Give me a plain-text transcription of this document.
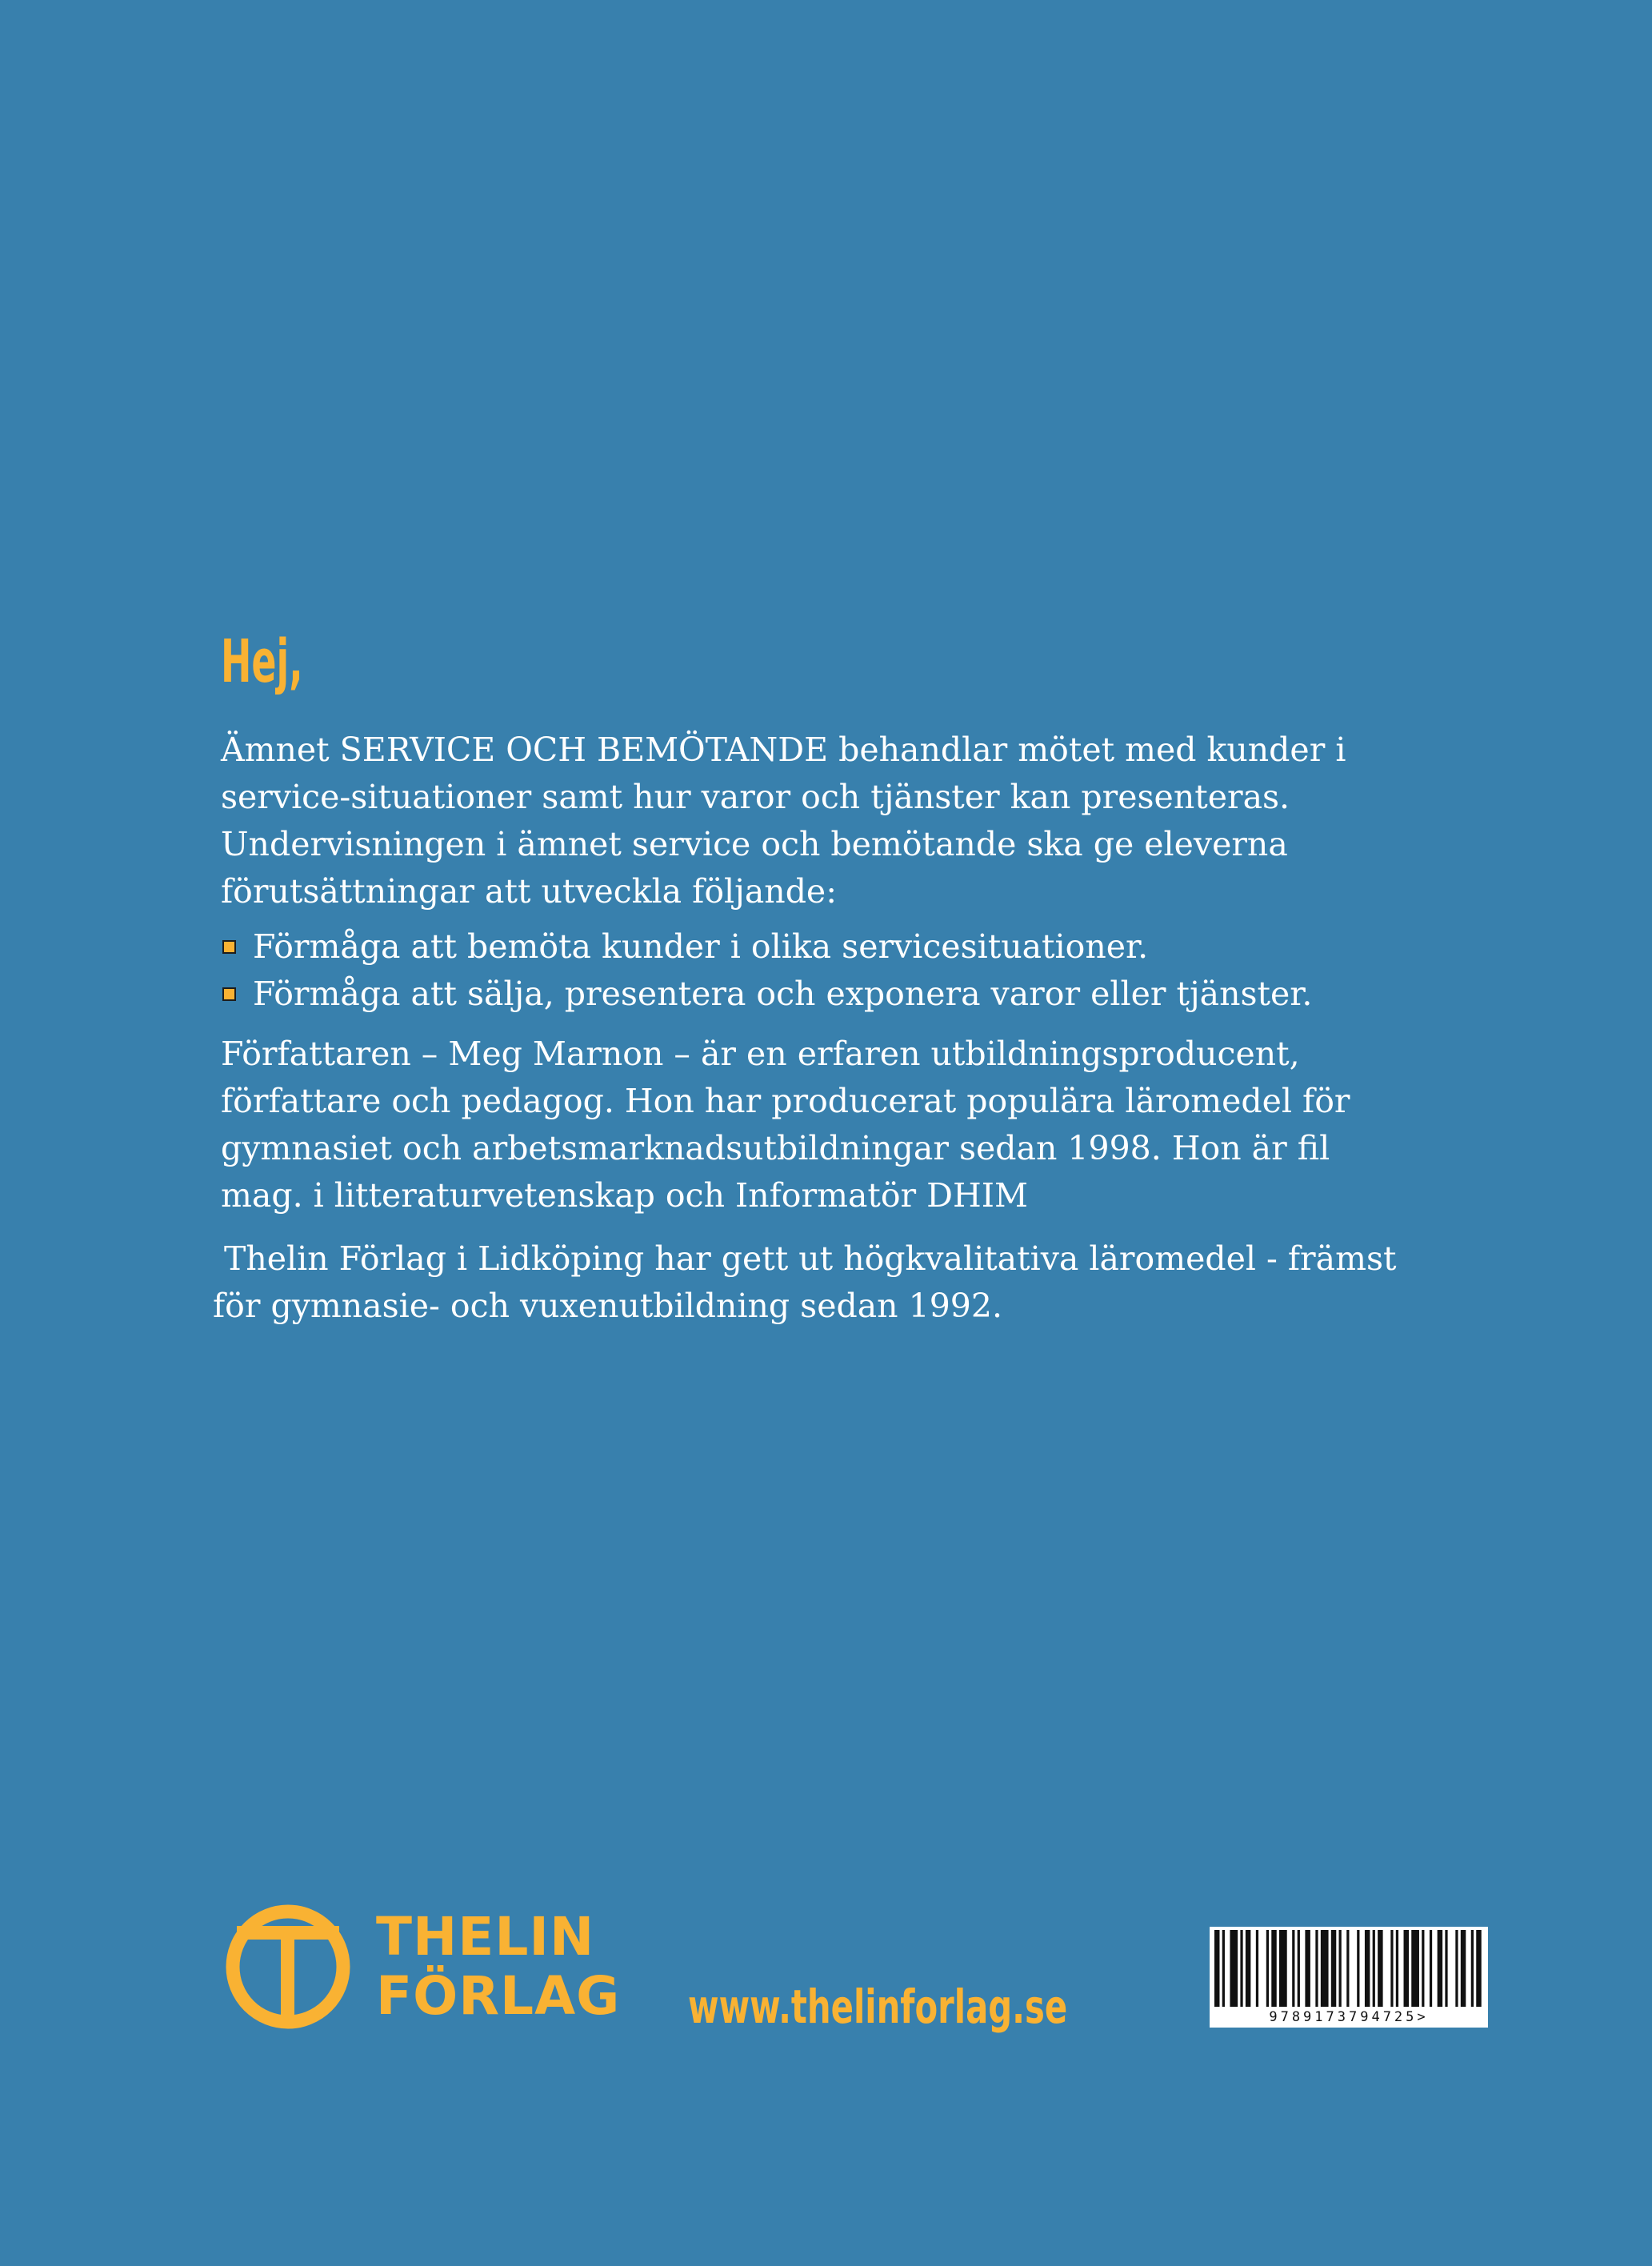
Hej,

Ämnet SERVICE OCH BEMÖTANDE behandlar mötet med kunder i service-situationer samt hur varor och tjänster kan presenteras. Undervisningen i ämnet service och bemötande ska ge eleverna förutsättningar att utveckla följande:

Förmåga att bemöta kunder i olika servicesituationer.
Förmåga att sälja, presentera och exponera varor eller tjänster.

Författaren – Meg Marnon – är en erfaren utbildningsproducent, författare och pedagog. Hon har producerat populära läromedel för gymnasiet och arbetsmarknadsutbildningar sedan 1998. Hon är fil mag. i litteraturvetenskap och Informatör DHIM

Thelin Förlag i Lidköping har gett ut högkvalitativa läromedel - främst
för gymnasie- och vuxenutbildning sedan 1992.
THELIN
FÖRLAG www.thelinforlag.se	9789173794725>
